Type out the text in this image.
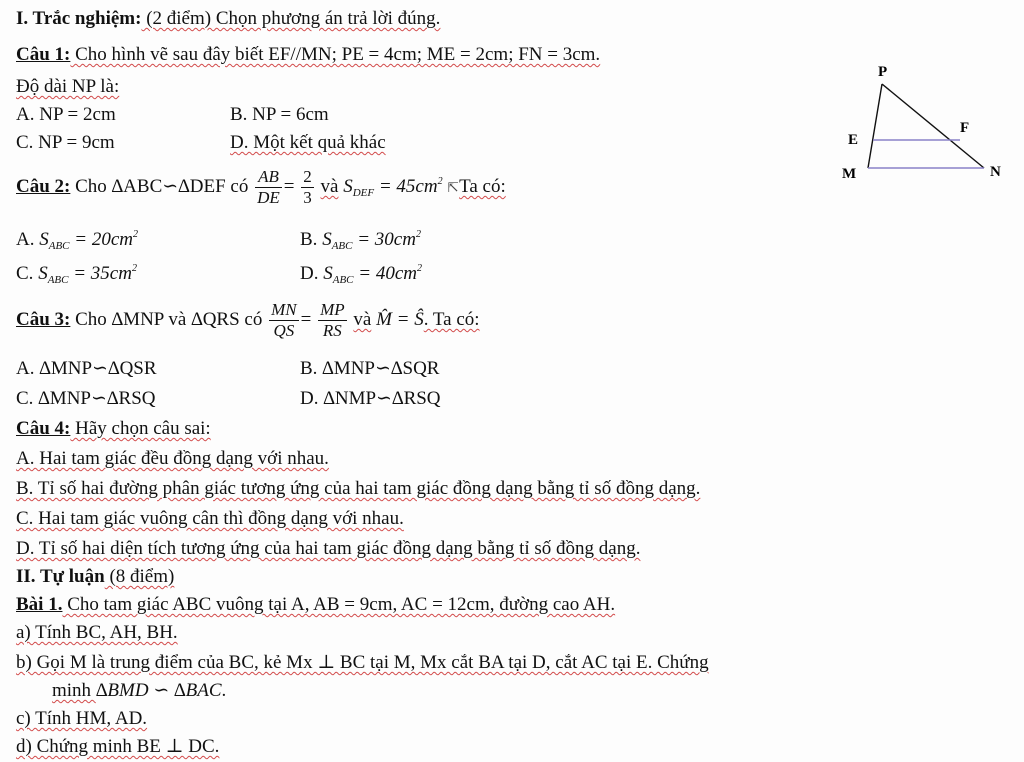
I. Trắc nghiệm: (2 điểm) Chọn phương án trả lời đúng.
Câu 1: Cho hình vẽ sau đây biết EF//MN; PE = 4cm; ME = 2cm; FN = 3cm.
Độ dài NP là:
A. NP = 2cm	B. NP = 6cm
C. NP = 9cm	D. Một kết quả khác
P
E
F
M	N
Câu 2: Cho ∆ABC∽∆DEF có $\frac{AB}{DE} = \frac{2}{3}$ và $S_{DEF} = 45cm^2$ ⇱Ta có:
A. $S_{ABC} = 20cm^2$	B. $S_{ABC} = 30cm^2$
C. $S_{ABC} = 35cm^2$	D. $S_{ABC} = 40cm^2$
Câu 3: Cho ∆MNP và ∆QRS có $\frac{MN}{QS} = \frac{MP}{RS}$ và M̂ = Ŝ. Ta có:
A. ∆MNP∽∆QSR	B. ∆MNP∽∆SQR
C. ∆MNP∽∆RSQ	D. ∆NMP∽∆RSQ
Câu 4: Hãy chọn câu sai:
A. Hai tam giác đều đồng dạng với nhau.
B. Tỉ số hai đường phân giác tương ứng của hai tam giác đồng dạng bằng tỉ số đồng dạng.
C. Hai tam giác vuông cân thì đồng dạng với nhau.
D. Tỉ số hai diện tích tương ứng của hai tam giác đồng dạng bằng tỉ số đồng dạng.
II. Tự luận (8 điểm)
Bài 1. Cho tam giác ABC vuông tại A, AB = 9cm, AC = 12cm, đường cao AH.
a) Tính BC, AH, BH.
b) Gọi M là trung điểm của BC, kẻ Mx ⊥ BC tại M, Mx cắt BA tại D, cắt AC tại E. Chứng
minh ∆BMD ∽ ∆BAC.
c) Tính HM, AD.
d) Chứng minh BE ⊥ DC.
